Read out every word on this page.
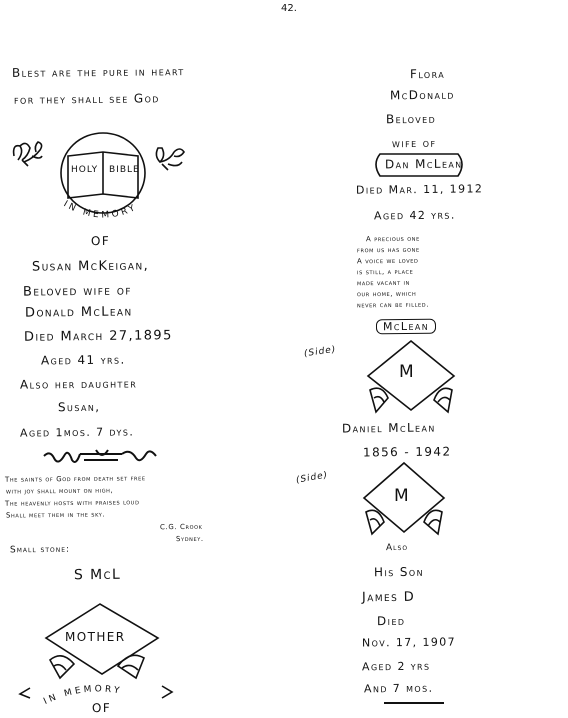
42.
Blest are the pure in heart
for they shall see God
HOLY BIBLE
IN MEMORY
OF
Susan McKeigan,
Beloved wife of
Donald McLean
Died March 27,1895
Aged 41 yrs.
Also her daughter
Susan,
Aged 1mos. 7 dys.
The saints of God from death set free
with joy shall mount on high,
The heavenly hosts with praises loud
Shall meet them in the sky.
C.G. Crook
Sydney.
Small stone:
S McL
MOTHER
IN MEMORY
OF
Flora
McDonald
Beloved
wife of
Dan McLean
Died Mar. 11, 1912
Aged 42 yrs.
A precious one
from us has gone
A voice we loved
is still, a place
made vacant in
our home, which
never can be filled.
McLean
(Side)
M
Daniel McLean
1856 - 1942
(Side)
M
Also
His Son
James D
Died
Nov. 17, 1907
Aged 2 yrs
And 7 mos.
